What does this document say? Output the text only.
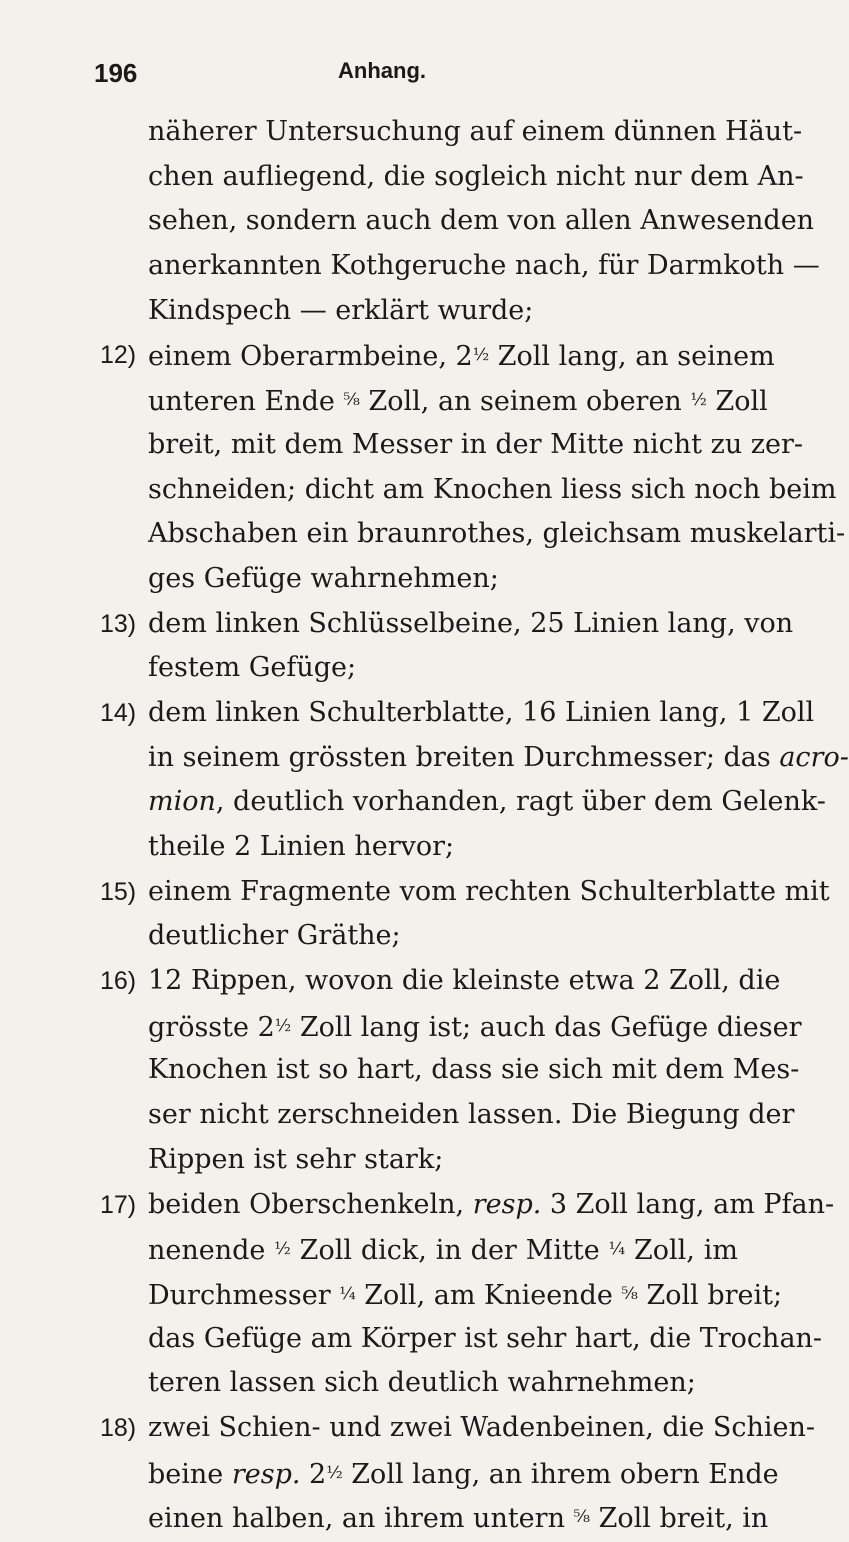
196	Anhang.
näherer Untersuchung auf einem dünnen Häut-
chen aufliegend, die sogleich nicht nur dem An-
sehen, sondern auch dem von allen Anwesenden
anerkannten Kothgeruche nach, für Darmkoth —
Kindspech — erklärt wurde;
12) einem Oberarmbeine, 2½ Zoll lang, an seinem
unteren Ende ⅝ Zoll, an seinem oberen ½ Zoll
breit, mit dem Messer in der Mitte nicht zu zer-
schneiden; dicht am Knochen liess sich noch beim
Abschaben ein braunrothes, gleichsam muskelarti-
ges Gefüge wahrnehmen;
13) dem linken Schlüsselbeine, 25 Linien lang, von
festem Gefüge;
14) dem linken Schulterblatte, 16 Linien lang, 1 Zoll
in seinem grössten breiten Durchmesser; das acro-
mion, deutlich vorhanden, ragt über dem Gelenk-
theile 2 Linien hervor;
15) einem Fragmente vom rechten Schulterblatte mit
deutlicher Gräthe;
16) 12 Rippen, wovon die kleinste etwa 2 Zoll, die
grösste 2½ Zoll lang ist; auch das Gefüge dieser
Knochen ist so hart, dass sie sich mit dem Mes-
ser nicht zerschneiden lassen. Die Biegung der
Rippen ist sehr stark;
17) beiden Oberschenkeln, resp. 3 Zoll lang, am Pfan-
nenende ½ Zoll dick, in der Mitte ¼ Zoll, im
Durchmesser ¼ Zoll, am Knieende ⅝ Zoll breit;
das Gefüge am Körper ist sehr hart, die Trochan-
teren lassen sich deutlich wahrnehmen;
18) zwei Schien- und zwei Wadenbeinen, die Schien-
beine resp. 2½ Zoll lang, an ihrem obern Ende
einen halben, an ihrem untern ⅝ Zoll breit, in
